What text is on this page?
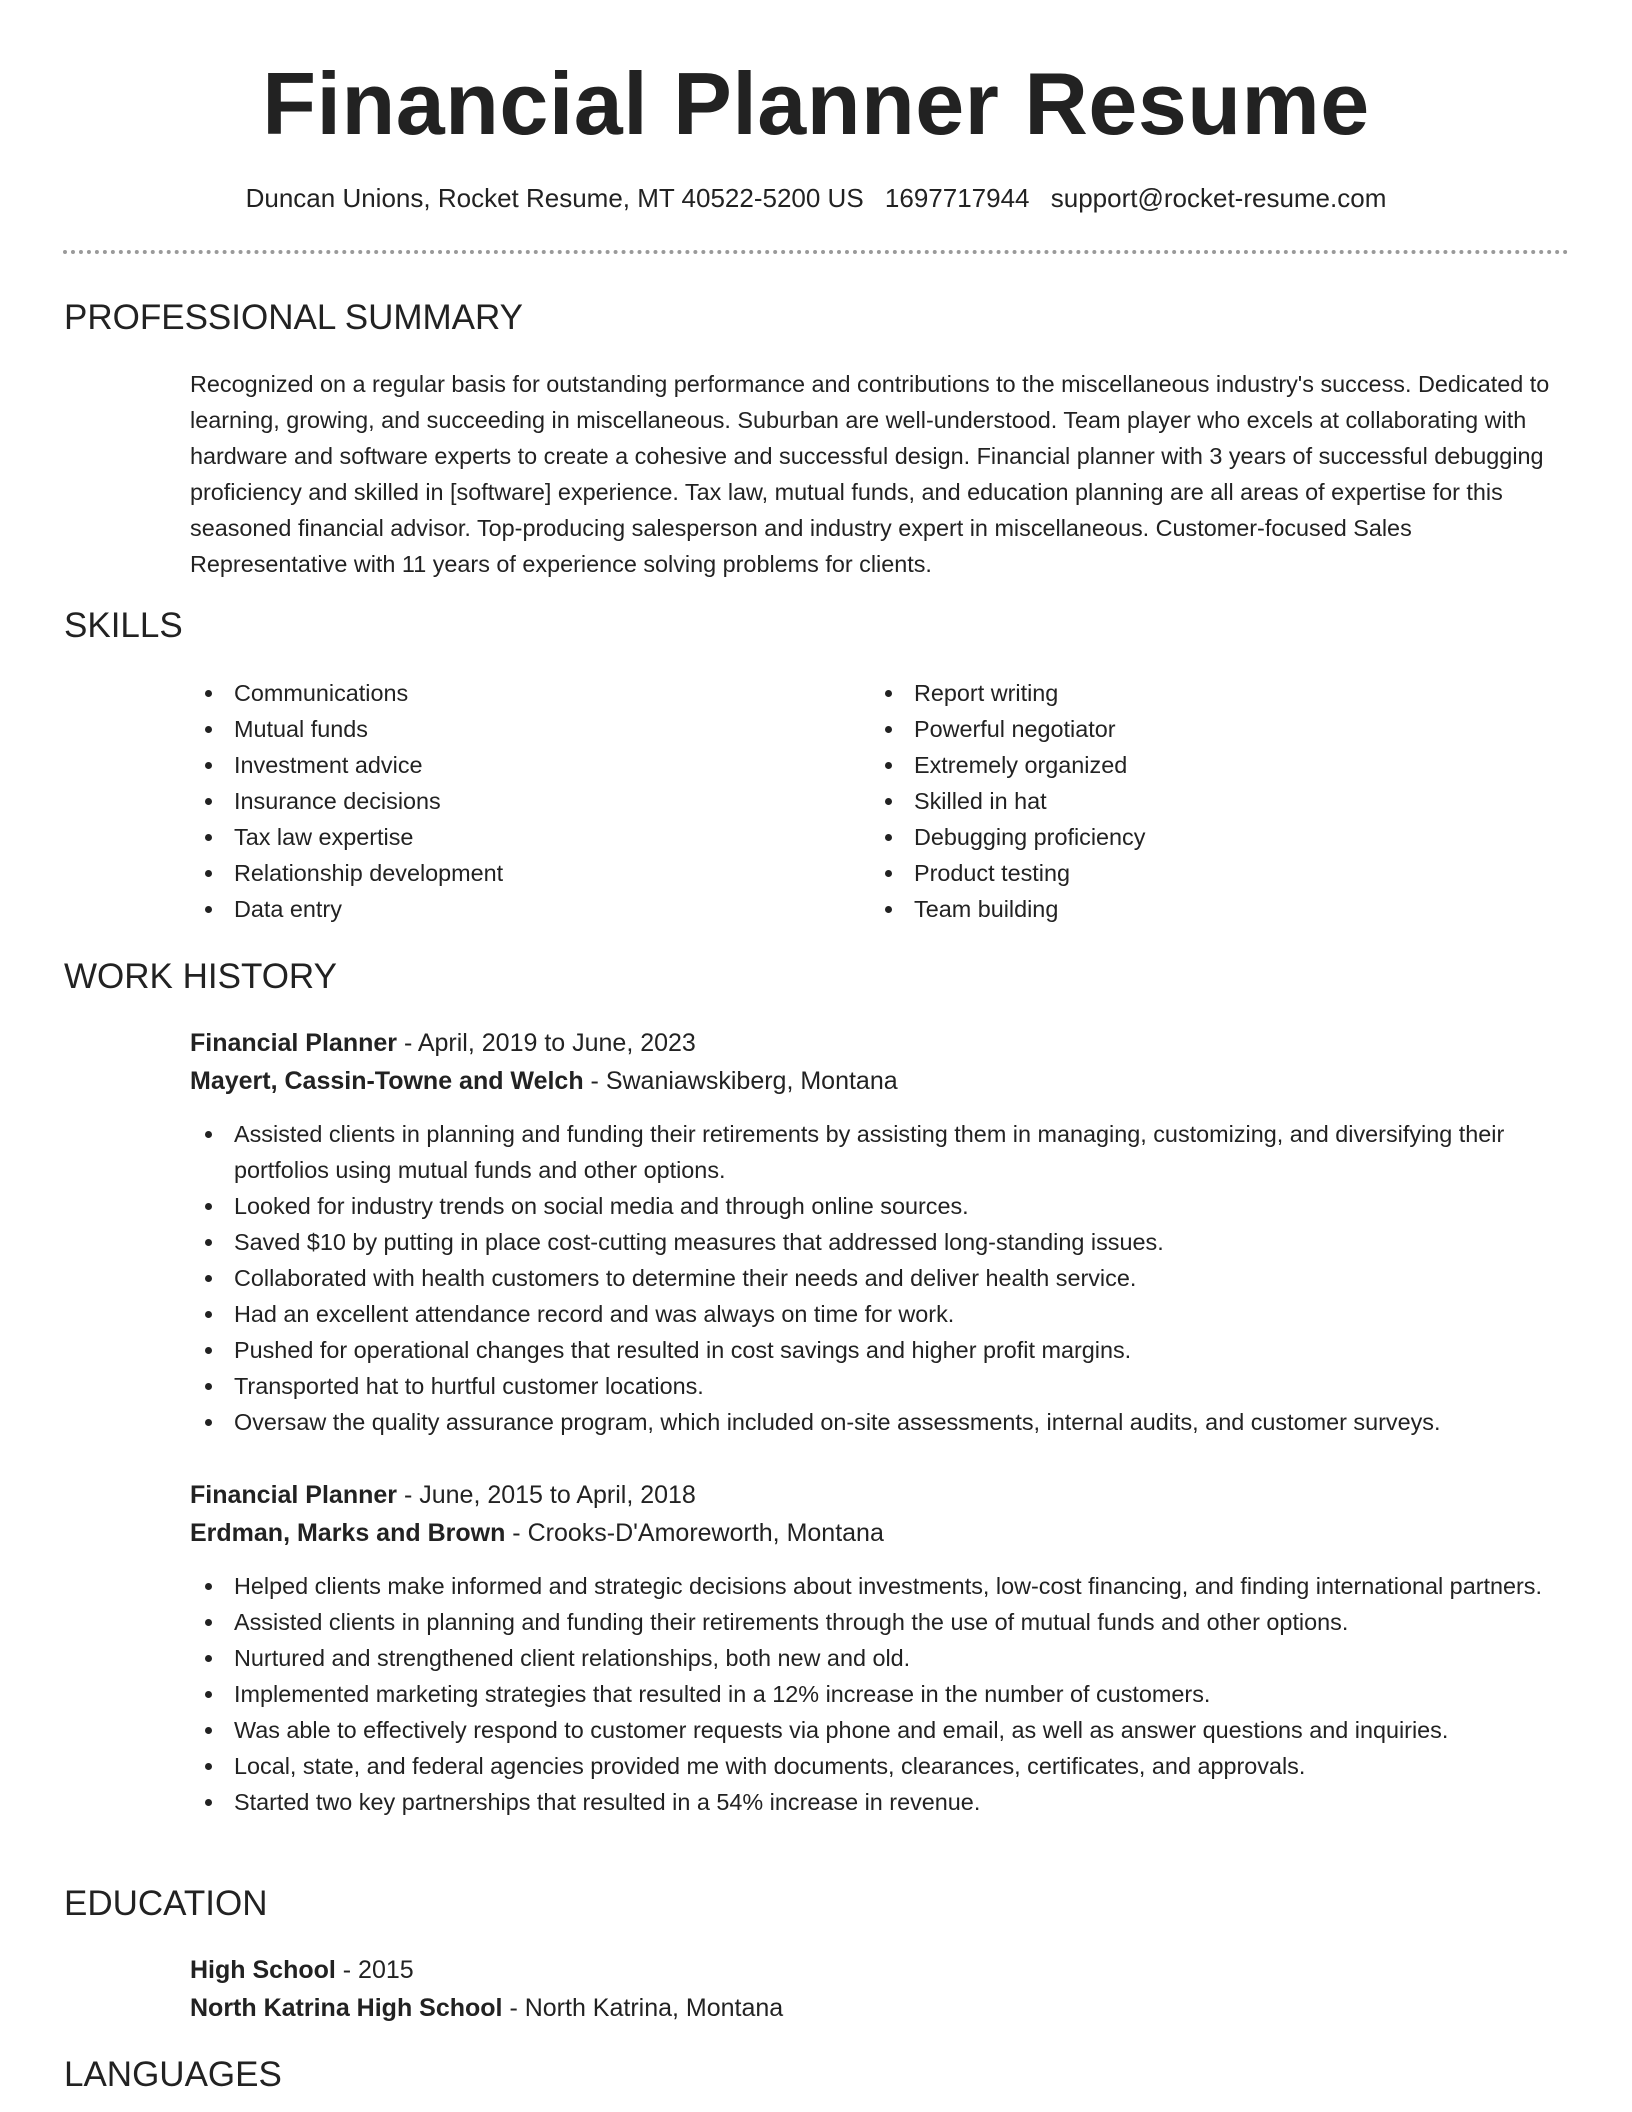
Financial Planner Resume
Duncan Unions, Rocket Resume, MT 40522-5200 US 1697717944 support@rocket-resume.com
PROFESSIONAL SUMMARY

Recognized on a regular basis for outstanding performance and contributions to the miscellaneous industry's success. Dedicated to learning, growing, and succeeding in miscellaneous. Suburban are well-understood. Team player who excels at collaborating with hardware and software experts to create a cohesive and successful design. Financial planner with 3 years of successful debugging proficiency and skilled in [software] experience. Tax law, mutual funds, and education planning are all areas of expertise for this seasoned financial advisor. Top-producing salesperson and industry expert in miscellaneous. Customer-focused Sales Representative with 11 years of experience solving problems for clients.

SKILLS
Communications
Mutual funds
Investment advice
Insurance decisions
Tax law expertise
Relationship development
Data entry
Report writing
Powerful negotiator
Extremely organized
Skilled in hat
Debugging proficiency
Product testing
Team building
WORK HISTORY
Financial Planner - April, 2019 to June, 2023
Mayert, Cassin-Towne and Welch - Swaniawskiberg, Montana
Assisted clients in planning and funding their retirements by assisting them in managing, customizing, and diversifying their portfolios using mutual funds and other options.
Looked for industry trends on social media and through online sources.
Saved $10 by putting in place cost-cutting measures that addressed long-standing issues.
Collaborated with health customers to determine their needs and deliver health service.
Had an excellent attendance record and was always on time for work.
Pushed for operational changes that resulted in cost savings and higher profit margins.
Transported hat to hurtful customer locations.
Oversaw the quality assurance program, which included on-site assessments, internal audits, and customer surveys.
Financial Planner - June, 2015 to April, 2018
Erdman, Marks and Brown - Crooks-D'Amoreworth, Montana
Helped clients make informed and strategic decisions about investments, low-cost financing, and finding international partners.
Assisted clients in planning and funding their retirements through the use of mutual funds and other options.
Nurtured and strengthened client relationships, both new and old.
Implemented marketing strategies that resulted in a 12% increase in the number of customers.
Was able to effectively respond to customer requests via phone and email, as well as answer questions and inquiries.
Local, state, and federal agencies provided me with documents, clearances, certificates, and approvals.
Started two key partnerships that resulted in a 54% increase in revenue.
EDUCATION
High School - 2015
North Katrina High School - North Katrina, Montana
LANGUAGES
